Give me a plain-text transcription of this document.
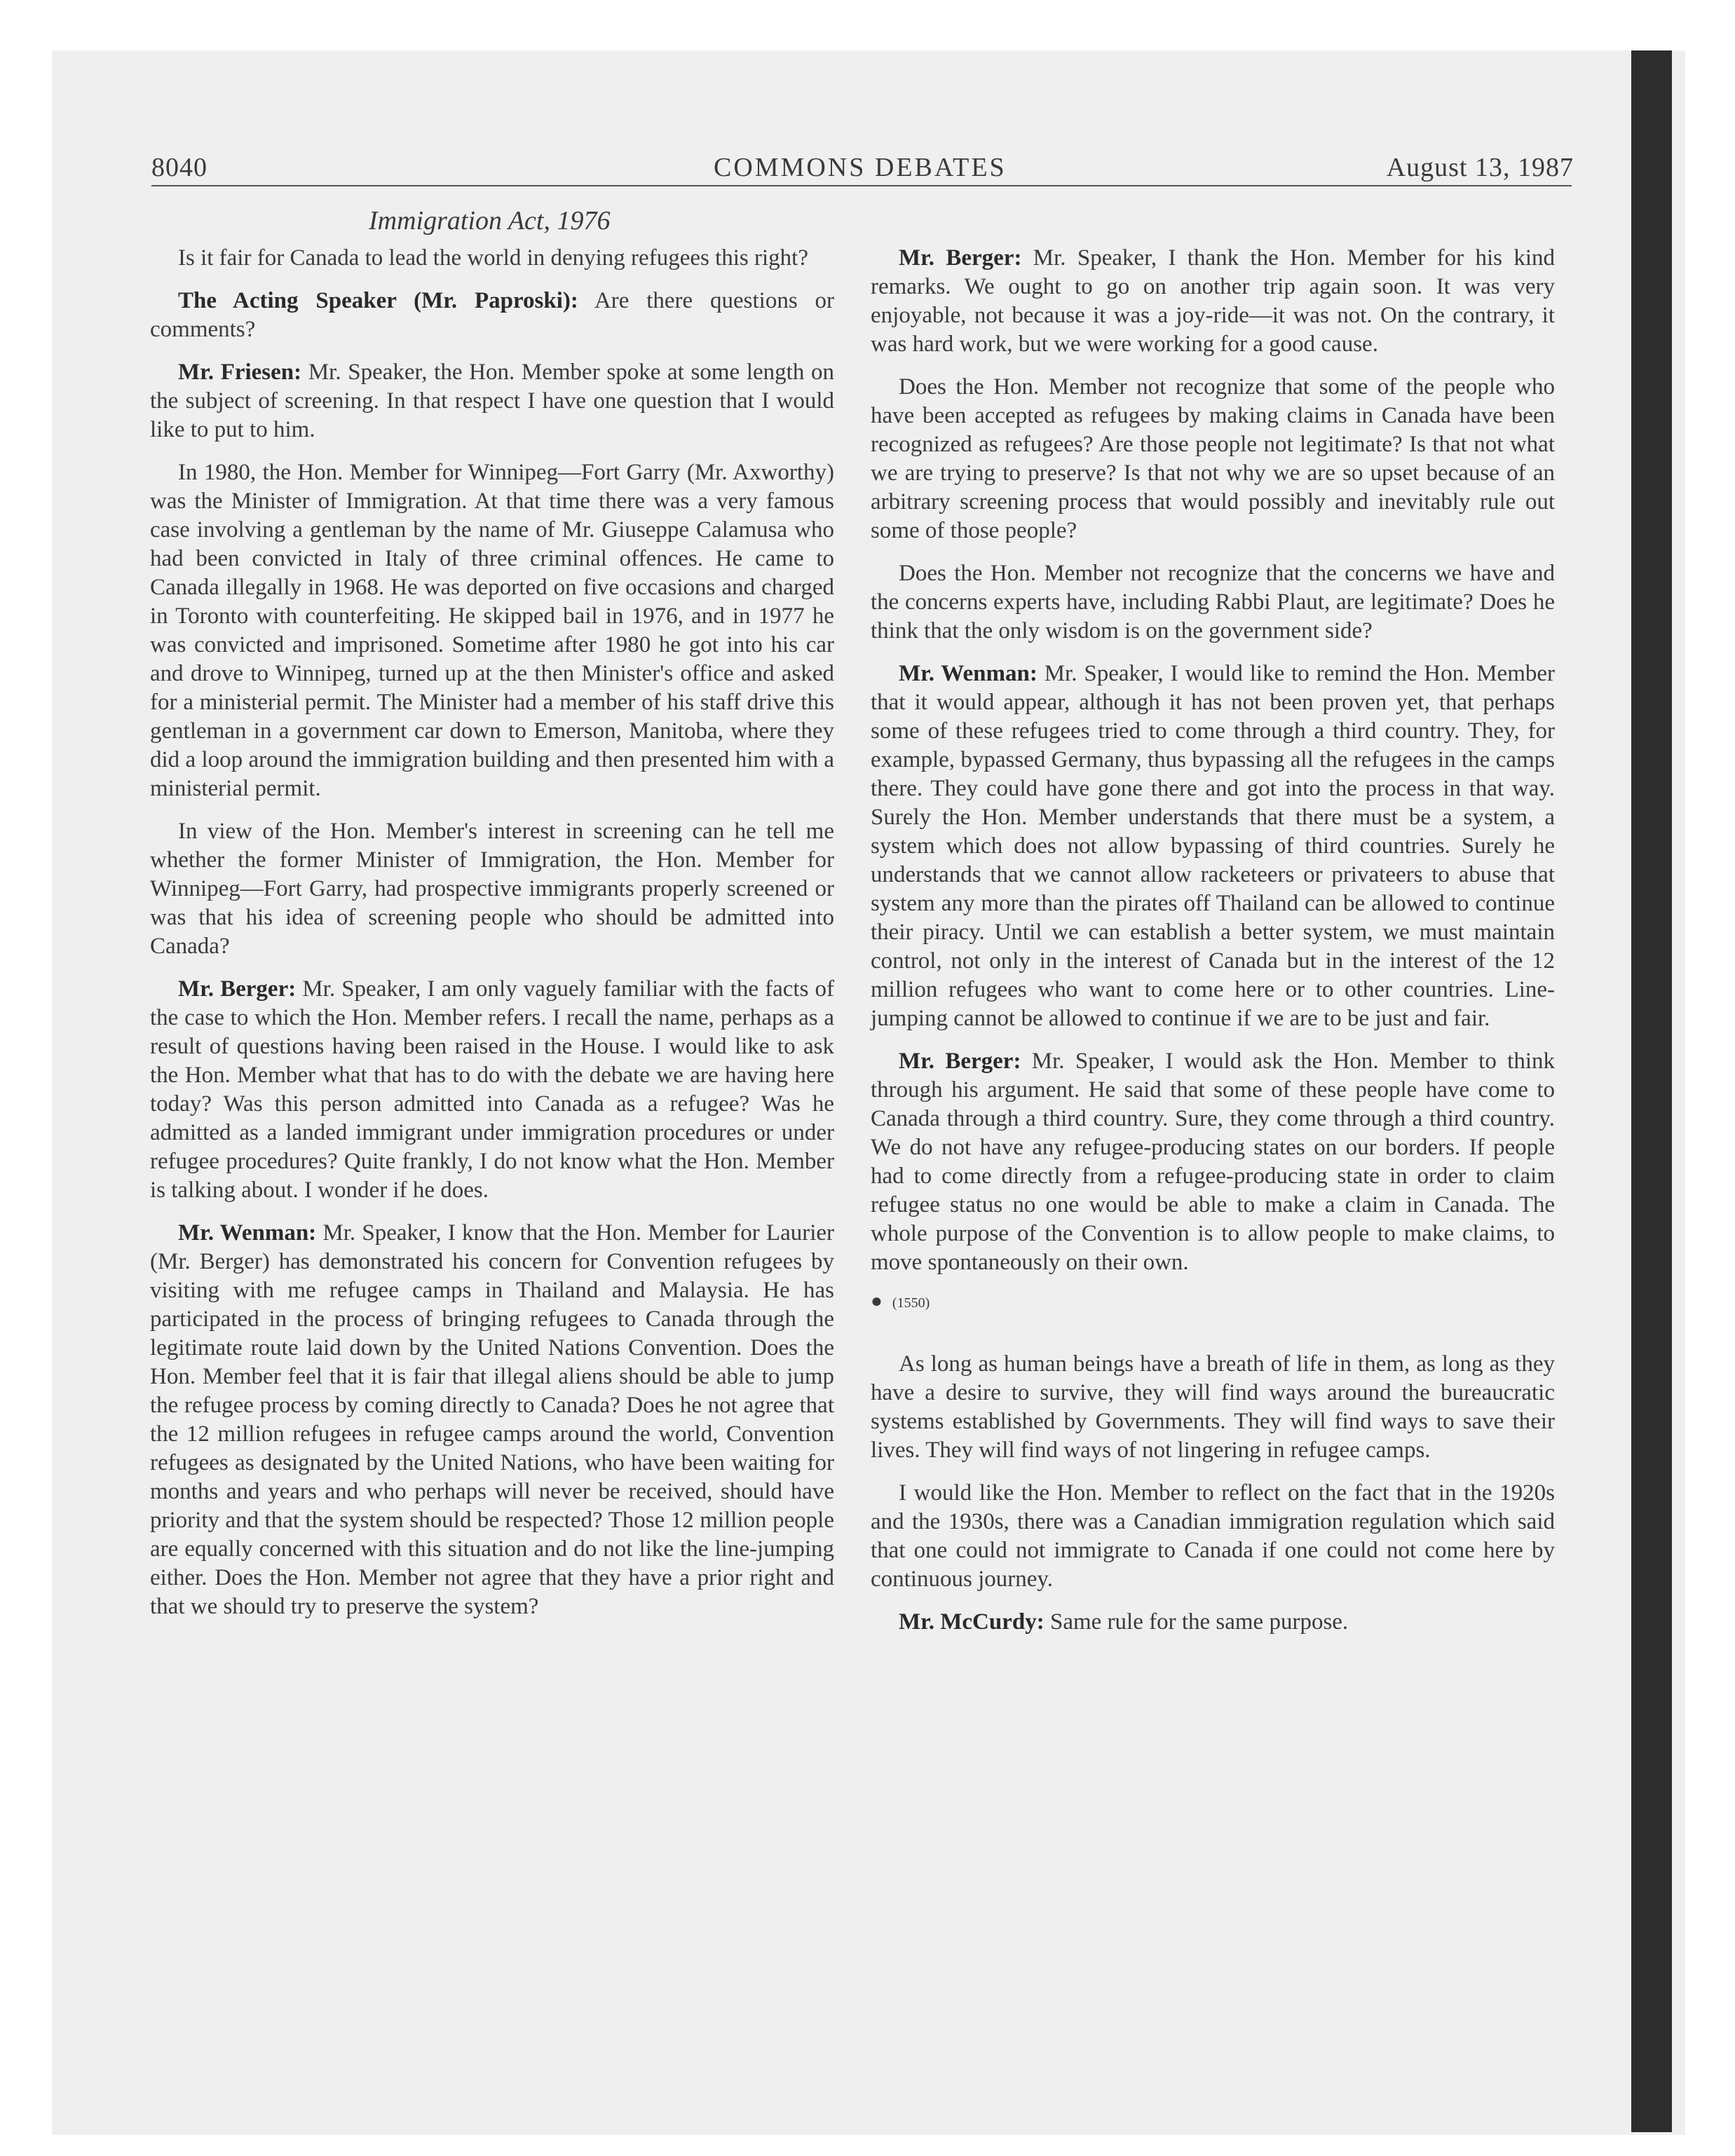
8040	COMMONS DEBATES	August 13, 1987
Immigration Act, 1976

Is it fair for Canada to lead the world in denying refugees this right?

The Acting Speaker (Mr. Paproski): Are there questions or comments?

Mr. Friesen: Mr. Speaker, the Hon. Member spoke at some length on the subject of screening. In that respect I have one question that I would like to put to him.

In 1980, the Hon. Member for Winnipeg—Fort Garry (Mr. Axworthy) was the Minister of Immigration. At that time there was a very famous case involving a gentleman by the name of Mr. Giuseppe Calamusa who had been convicted in Italy of three criminal offences. He came to Canada illegally in 1968. He was deported on five occasions and charged in Toronto with counterfeiting. He skipped bail in 1976, and in 1977 he was convicted and imprisoned. Sometime after 1980 he got into his car and drove to Winnipeg, turned up at the then Minister's office and asked for a ministerial permit. The Minister had a member of his staff drive this gentleman in a government car down to Emerson, Manitoba, where they did a loop around the immigration building and then presented him with a ministerial permit.

In view of the Hon. Member's interest in screening can he tell me whether the former Minister of Immigration, the Hon. Member for Winnipeg—Fort Garry, had prospective immigrants properly screened or was that his idea of screening people who should be admitted into Canada?

Mr. Berger: Mr. Speaker, I am only vaguely familiar with the facts of the case to which the Hon. Member refers. I recall the name, perhaps as a result of questions having been raised in the House. I would like to ask the Hon. Member what that has to do with the debate we are having here today? Was this person admitted into Canada as a refugee? Was he admitted as a landed immigrant under immigration procedures or under refugee procedures? Quite frankly, I do not know what the Hon. Member is talking about. I wonder if he does.

Mr. Wenman: Mr. Speaker, I know that the Hon. Member for Laurier (Mr. Berger) has demonstrated his concern for Convention refugees by visiting with me refugee camps in Thailand and Malaysia. He has participated in the process of bringing refugees to Canada through the legitimate route laid down by the United Nations Convention. Does the Hon. Member feel that it is fair that illegal aliens should be able to jump the refugee process by coming directly to Canada? Does he not agree that the 12 million refugees in refugee camps around the world, Convention refugees as designated by the United Nations, who have been waiting for months and years and who perhaps will never be received, should have priority and that the system should be respected? Those 12 million people are equally concerned with this situation and do not like the line-jumping either. Does the Hon. Member not agree that they have a prior right and that we should try to preserve the system?

Mr. Berger: Mr. Speaker, I thank the Hon. Member for his kind remarks. We ought to go on another trip again soon. It was very enjoyable, not because it was a joy-ride—it was not. On the contrary, it was hard work, but we were working for a good cause.

Does the Hon. Member not recognize that some of the people who have been accepted as refugees by making claims in Canada have been recognized as refugees? Are those people not legitimate? Is that not what we are trying to preserve? Is that not why we are so upset because of an arbitrary screening process that would possibly and inevitably rule out some of those people?

Does the Hon. Member not recognize that the concerns we have and the concerns experts have, including Rabbi Plaut, are legitimate? Does he think that the only wisdom is on the government side?

Mr. Wenman: Mr. Speaker, I would like to remind the Hon. Member that it would appear, although it has not been proven yet, that perhaps some of these refugees tried to come through a third country. They, for example, bypassed Germany, thus bypassing all the refugees in the camps there. They could have gone there and got into the process in that way. Surely the Hon. Member understands that there must be a system, a system which does not allow bypassing of third countries. Surely he understands that we cannot allow racketeers or privateers to abuse that system any more than the pirates off Thailand can be allowed to continue their piracy. Until we can establish a better system, we must maintain control, not only in the interest of Canada but in the interest of the 12 million refugees who want to come here or to other countries. Line-jumping cannot be allowed to continue if we are to be just and fair.

Mr. Berger: Mr. Speaker, I would ask the Hon. Member to think through his argument. He said that some of these people have come to Canada through a third country. Sure, they come through a third country. We do not have any refugee-producing states on our borders. If people had to come directly from a refugee-producing state in order to claim refugee status no one would be able to make a claim in Canada. The whole purpose of the Convention is to allow people to make claims, to move spontaneously on their own.

● (1550)

As long as human beings have a breath of life in them, as long as they have a desire to survive, they will find ways around the bureaucratic systems established by Governments. They will find ways to save their lives. They will find ways of not lingering in refugee camps.

I would like the Hon. Member to reflect on the fact that in the 1920s and the 1930s, there was a Canadian immigration regulation which said that one could not immigrate to Canada if one could not come here by continuous journey.

Mr. McCurdy: Same rule for the same purpose.
